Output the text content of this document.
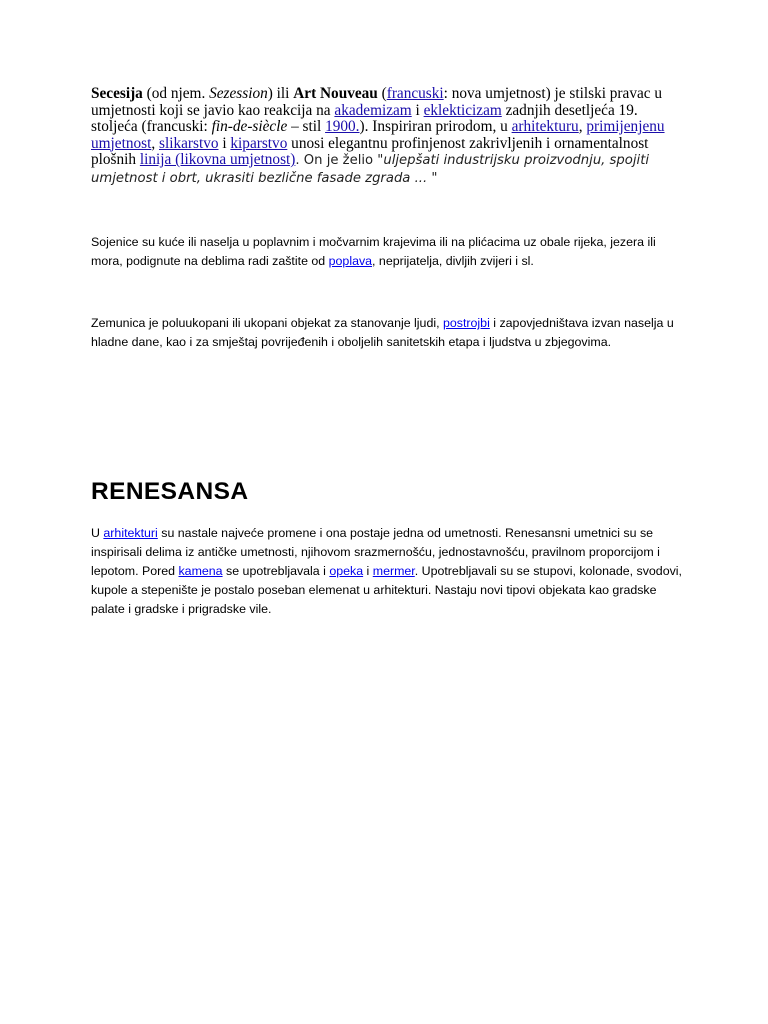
Secesija (od njem. Sezession) ili Art Nouveau (francuski: nova umjetnost) je stilski pravac u umjetnosti koji se javio kao reakcija na akademizam i eklekticizam zadnjih desetljeća 19. stoljeća (francuski: fin-de-siècle – stil 1900.). Inspiriran prirodom, u arhitekturu, primijenjenu umjetnost, slikarstvo i kiparstvo unosi elegantnu profinjenost zakrivljenih i ornamentalnost plošnih linija (likovna umjetnost). On je želio "uljepšati industrijsku proizvodnju, spojiti umjetnost i obrt, ukrasiti bezlične fasade zgrada ... "

Sojenice su kuće ili naselja u poplavnim i močvarnim krajevima ili na plićacima uz obale rijeka, jezera ili mora, podignute na deblima radi zaštite od poplava, neprijatelja, divljih zvijeri i sl.

Zemunica je poluukopani ili ukopani objekat za stanovanje ljudi, postrojbi i zapovjedništava izvan naselja u hladne dane, kao i za smještaj povrijeđenih i oboljelih sanitetskih etapa i ljudstva u zbjegovima.

RENESANSA

U arhitekturi su nastale najveće promene i ona postaje jedna od umetnosti. Renesansni umetnici su se inspirisali delima iz antičke umetnosti, njihovom srazmernošću, jednostavnošću, pravilnom proporcijom i lepotom. Pored kamena se upotrebljavala i opeka i mermer. Upotrebljavali su se stupovi, kolonade, svodovi, kupole a stepenište je postalo poseban elemenat u arhitekturi. Nastaju novi tipovi objekata kao gradske palate i gradske i prigradske vile.
